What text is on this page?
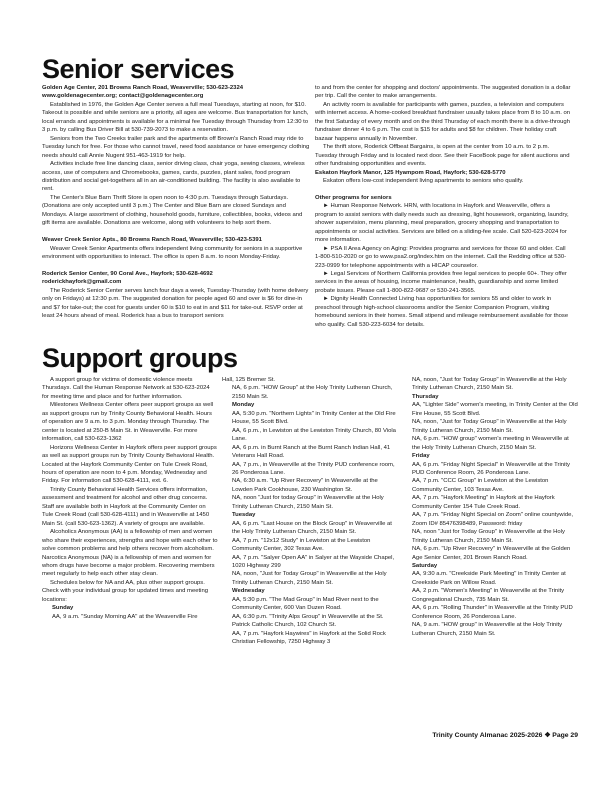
Senior services

Golden Age Center, 201 Browns Ranch Road, Weaverville; 530-623-2324

www.goldenagecenter.org; contact@goldenagecenter.org

Established in 1976, the Golden Age Center serves a full meal Tuesdays, starting at noon, for $10. Takeout is possible and while seniors are a priority, all ages are welcome. Bus transportation for lunch, local errands and appointments is available for a minimal fee Tuesday through Thursday from 12:30 to 3 p.m. by calling Bus Driver Bill at 530-739-2073 to make a reservation.

Seniors from the Two Creeks trailer park and the apartments off Brown's Ranch Road may ride to Tuesday lunch for free. For those who cannot travel, need food assistance or have emergency clothing needs should call Annie Nugent 951-463-1919 for help.

Activities include free line dancing class, senior driving class, chair yoga, sewing classes, wireless access, use of computers and Chromebooks, games, cards, puzzles, plant sales, food program distribution and social get-togethers all in an air-conditioned building. The facility is also available to rent.

The Center's Blue Barn Thrift Store is open noon to 4:30 p.m. Tuesdays through Saturdays. (Donations are only accepted until 3 p.m.) The Center and Blue Barn are closed Sundays and Mondays. A large assortment of clothing, household goods, furniture, collectibles, books, videos and gift items are available. Donations are welcome, along with volunteers to help sort them.

Weaver Creek Senior Apts., 80 Browns Ranch Road, Weaverville; 530-423-5391

Weaver Creek Senior Apartments offers independent living community for seniors in a supportive environment with opportunities to interact. The office is open 8 a.m. to noon Monday-Friday.

Roderick Senior Center, 90 Coral Ave., Hayfork; 530-628-4692

roderickhayfork@gmail.com

The Roderick Senior Center serves lunch four days a week, Tuesday-Thursday (with home delivery only on Fridays) at 12:30 p.m. The suggested donation for people aged 60 and over is $6 for dine-in and $7 for take-out; the cost for guests under 60 is $10 to eat in and $11 for take-out. RSVP order at least 24 hours ahead of meal. Roderick has a bus to transport seniors

to and from the center for shopping and doctors' appointments. The suggested donation is a dollar per trip. Call the center to make arrangements.

An activity room is available for participants with games, puzzles, a television and computers with internet access. A home-cooked breakfast fundraiser usually takes place from 8 to 10 a.m. on the first Saturday of every month and on the third Thursday of each month there is a drive-through fundraiser dinner 4 to 6 p.m. The cost is $15 for adults and $8 for children. Their holiday craft bazaar happens annually in November.

The thrift store, Roderick Offbeat Bargains, is open at the center from 10 a.m. to 2 p.m. Tuesday through Friday and is located next door. See their FaceBook page for silent auctions and other fundraising opportunities and events.

Eskaton Hayfork Manor, 125 Hyampom Road, Hayfork; 530-628-5770

Eskaton offers low-cost independent living apartments to seniors who qualify.

Other programs for seniors

► Human Response Network. HRN, with locations in Hayfork and Weaverville, offers a program to assist seniors with daily needs such as dressing, light housework, organizing, laundry, shower supervision, menu planning, meal preparation, grocery shopping and transportation to appointments or social activities. Services are billed on a sliding-fee scale. Call 520-623-2024 for more information.

► PSA II Area Agency on Aging: Provides programs and services for those 60 and older. Call 1-800-510-2020 or go to www.psa2.org/index.htm on the internet. Call the Redding office at 530-223-0999 for telephone appointments with a HICAP counselor.

► Legal Services of Northern California provides free legal services to people 60+. They offer services in the areas of housing, income maintenance, health, guardianship and some limited probate issues. Please call 1-800-822-9687 or 530-241-3565.

► Dignity Health Connected Living has opportunities for seniors 55 and older to work in preschool through high-school classrooms and/or the Senior Companion Program, visiting homebound seniors in their homes. Small stipend and mileage reimbursement available for those who qualify. Call 530-223-6034 for details.

Support groups

A support group for victims of domestic violence meets Thursdays. Call the Human Response Network at 530-623-2024 for meeting time and place and for further information.

Milestones Wellness Center offers peer support groups as well as support groups run by Trinity County Behavioral Health. Hours of operation are 9 a.m. to 3 p.m. Monday through Thursday. The center is located at 250-B Main St. in Weaverville. For more information, call 530-623-1362

Horizons Wellness Center in Hayfork offers peer support groups as well as support groups run by Trinity County Behavioral Health. Located at the Hayfork Community Center on Tule Creek Road, hours of operation are noon to 4 p.m. Monday, Wednesday and Friday. For information call 530-628-4111, ext. 6.

Trinity County Behavioral Health Services offers information, assessment and treatment for alcohol and other drug concerns. Staff are available both in Hayfork at the Community Center on Tule Creek Road (call 530-628-4111) and in Weaverville at 1450 Main St. (call 530-623-1362). A variety of groups are available.

Alcoholics Anonymous (AA) is a fellowship of men and women who share their experiences, strengths and hope with each other to solve common problems and help others recover from alcoholism. Narcotics Anonymous (NA) is a fellowship of men and women for whom drugs have become a major problem. Recovering members meet regularly to help each other stay clean.

Schedules below for NA and AA, plus other support groups. Check with your individual group for updated times and meeting locations:

Sunday

AA, 9 a.m. "Sunday Morning AA" at the Weaverville Fire

Hall, 125 Bremer St.

NA, 6 p.m. "HOW Group" at the Holy Trinity Lutheran Church, 2150 Main St.

Monday

AA, 5:30 p.m. "Northern Lights" in Trinity Center at the Old Fire House, 55 Scott Blvd.

AA, 6 p.m., in Lewiston at the Lewiston Trinity Church, 80 Viola Lane.

AA, 6 p.m. in Burnt Ranch at the Burnt Ranch Indian Hall, 41 Veterans Hall Road.

AA, 7 p.m., in Weaverville at the Trinity PUD conference room, 26 Ponderosa Lane.

NA, 6:30 a.m. "Up River Recovery" in Weaverville at the Lowden Park Cookhouse, 230 Washington St.

NA, noon "Just for today Group" in Weaverville at the Holy Trinity Lutheran Church, 2150 Main St.

Tuesday

AA, 6 p.m. "Last House on the Block Group" in Weaverville at the Holy Trinity Lutheran Church, 2150 Main St.

AA, 7 p.m. "12x12 Study" in Lewiston at the Lewiston Community Center, 302 Texas Ave.

AA, 7 p.m. "Salyer Open AA" in Salyer at the Wayside Chapel, 1020 Highway 299

NA, noon, "Just for Today Group" in Weaverville at the Holy Trinity Lutheran Church, 2150 Main St.

Wednesday

AA, 5:30 p.m. "The Mad Group" in Mad River next to the Community Center, 600 Van Duzen Road.

AA, 6:30 p.m. "Trinity Alps Group" in Weaverville at the St. Patrick Catholic Church, 102 Church St.

AA, 7 p.m. "Hayfork Haywires" in Hayfork at the Solid Rock Christian Fellowship, 7250 Highway 3

NA, noon, "Just for Today Group" in Weaverville at the Holy Trinity Lutheran Church, 2150 Main St.

Thursday

AA, "Lighter Side" women's meeting, in Trinity Center at the Old Fire House, 55 Scott Blvd.

NA, noon, "Just for Today Group" in Weaverville at the Holy Trinity Lutheran Church, 2150 Main St.

NA, 6 p.m. "HOW group" women's meeting in Weaverville at the Holy Trinity Lutheran Church, 2150 Main St.

Friday

AA, 6 p.m. "Friday Night Special" in Weaverville at the Trinity PUD Conference Room, 26 Ponderosa Lane.

AA, 7 p.m. "CCC Group" in Lewiston at the Lewiston Community Center, 103 Texas Ave.

AA, 7 p.m. "Hayfork Meeting" in Hayfork at the Hayfork Community Center 154 Tule Creek Road.

AA, 7 p.m. "Friday Night Special on Zoom" online countywide, Zoom ID# 85476398489, Password: friday

NA, noon "Just for Today Group" in Weaverville at the Holy Trinity Lutheran Church, 2150 Main St.

NA, 6 p.m. "Up River Recovery" in Weaverville at the Golden Age Senior Center, 201 Brown Ranch Road.

Saturday

AA, 9:30 a.m. "Creekside Park Meeting" in Trinity Center at Creekside Park on Willow Road.

AA, 2 p.m. "Women's Meeting" in Weaverville at the Trinity Congregational Church, 735 Main St.

AA, 6 p.m. "Rolling Thunder" in Weaverville at the Trinity PUD Conference Room, 26 Ponderosa Lane.

NA, 9 a.m. "HOW group" in Weaverville at the Holy Trinity Lutheran Church, 2150 Main St.

Trinity County Almanac 2025-2026 ❖ Page 29
